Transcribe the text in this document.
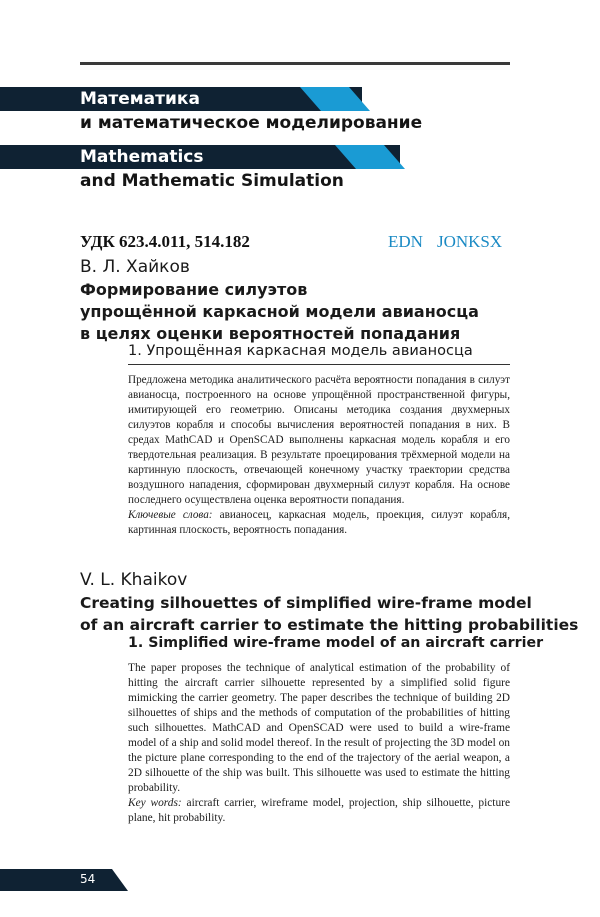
Математика
и математическое моделирование
Mathematics
and Mathematic Simulation
УДК 623.4.011, 514.182	EDN JONKSX
В. Л. Хайков
Формирование силуэтов
упрощённой каркасной модели авианосца
в целях оценки вероятностей попадания
1. Упрощённая каркасная модель авианосца
Предложена методика аналитического расчёта вероятности попадания в силуэт авианосца, построенного на основе упрощённой пространственной фигуры, имитирующей его геометрию. Описаны методика создания двухмерных силуэтов корабля и способы вычисления вероятностей попадания в них. В средах MathCAD и OpenSCAD выполнены каркасная модель корабля и его твердотельная реализация. В результате проецирования трёхмерной модели на картинную плоскость, отвечающей конечному участку траектории средства воздушного нападения, сформирован двухмерный силуэт корабля. На основе последнего осуществлена оценка вероятности попадания.
Ключевые слова: авианосец, каркасная модель, проекция, силуэт корабля, картинная плоскость, вероятность попадания.
V. L. Khaikov
Creating silhouettes of simplified wire-frame model
of an aircraft carrier to estimate the hitting probabilities
1. Simplified wire-frame model of an aircraft carrier
The paper proposes the technique of analytical estimation of the probability of hitting the aircraft carrier silhouette represented by a simplified solid figure mimicking the carrier geometry. The paper describes the technique of building 2D silhouettes of ships and the methods of computation of the probabilities of hitting such silhouettes. MathCAD and OpenSCAD were used to build a wire-frame model of a ship and solid model thereof. In the result of projecting the 3D model on the picture plane corresponding to the end of the trajectory of the aerial weapon, a 2D silhouette of the ship was built. This silhouette was used to estimate the hitting probability.
Key words: aircraft carrier, wireframe model, projection, ship silhouette, picture plane, hit probability.
54
